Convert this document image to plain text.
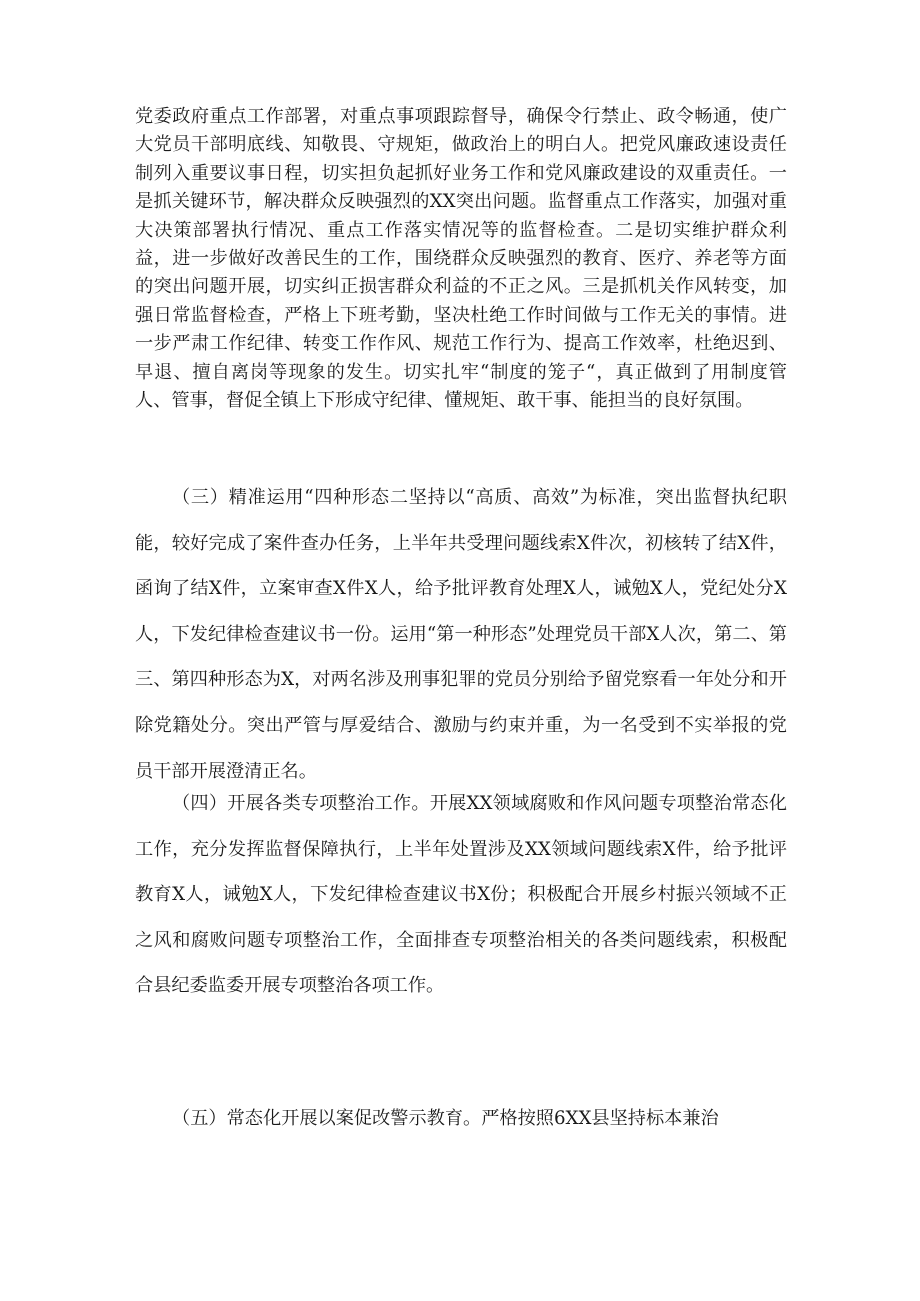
党委政府重点工作部署，对重点事项跟踪督导，确保令行禁止、政令畅通，使广大党员干部明底线、知敬畏、守规矩，做政治上的明白人。把党风廉政速设责任制列入重要议事日程，切实担负起抓好业务工作和党风廉政建设的双重责任。一是抓关键环节，解决群众反映强烈的XX突出问题。监督重点工作落实，加强对重大决策部署执行情况、重点工作落实情况等的监督检查。二是切实维护群众利益，进一步做好改善民生的工作，围绕群众反映强烈的教育、医疗、养老等方面的突出问题开展，切实纠正损害群众利益的不正之风。三是抓机关作风转变，加强日常监督检查，严格上下班考勤，坚决杜绝工作时间做与工作无关的事情。进一步严肃工作纪律、转变工作作风、规范工作行为、提高工作效率，杜绝迟到、早退、擅自离岗等现象的发生。切实扎牢“制度的笼子“，真正做到了用制度管人、管事，督促全镇上下形成守纪律、懂规矩、敢干事、能担当的良好氛围。

（三）精准运用“四种形态二坚持以“高质、高效”为标准，突出监督执纪职能，较好完成了案件查办任务，上半年共受理问题线索X件次，初核转了结X件，函询了结X件，立案审查X件X人，给予批评教育处理X人，诫勉X人，党纪处分X人，下发纪律检查建议书一份。运用“第一种形态”处理党员干部X人次，第二、第三、第四种形态为X，对两名涉及刑事犯罪的党员分别给予留党察看一年处分和开除党籍处分。突出严管与厚爱结合、激励与约束并重，为一名受到不实举报的党员干部开展澄清正名。

（四）开展各类专项整治工作。开展XX领域腐败和作风问题专项整治常态化工作，充分发挥监督保障执行，上半年处置涉及XX领域问题线索X件，给予批评教育X人，诫勉X人，下发纪律检查建议书X份；积极配合开展乡村振兴领域不正之风和腐败问题专项整治工作，全面排查专项整治相关的各类问题线索，积极配合县纪委监委开展专项整治各项工作。

（五）常态化开展以案促改警示教育。严格按照6XX县坚持标本兼治
